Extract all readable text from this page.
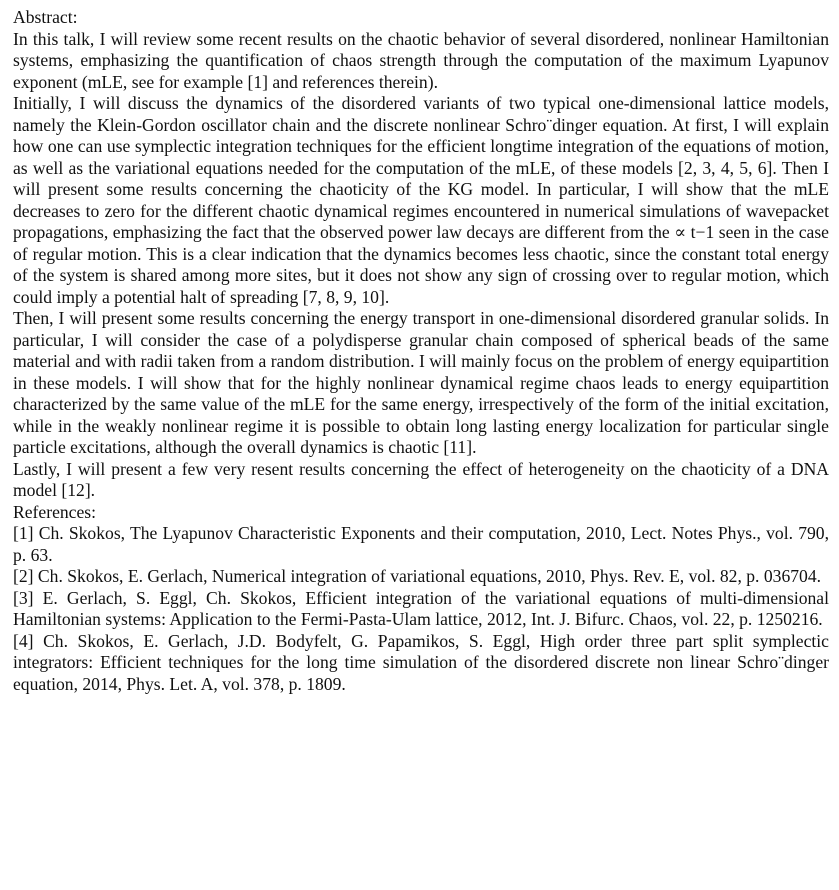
Abstract:
In this talk, I will review some recent results on the chaotic behavior of several disordered, nonlinear Hamiltonian systems, emphasizing the quantification of chaos strength through the computation of the maximum Lyapunov exponent (mLE, see for example [1] and references therein).
Initially, I will discuss the dynamics of the disordered variants of two typical one-dimensional lattice models, namely the Klein-Gordon oscillator chain and the discrete nonlinear Schro¨dinger equation. At first, I will explain how one can use symplectic integration techniques for the efficient longtime integration of the equations of motion, as well as the variational equations needed for the computation of the mLE, of these models [2, 3, 4, 5, 6]. Then I will present some results concerning the chaoticity of the KG model. In particular, I will show that the mLE decreases to zero for the different chaotic dynamical regimes encountered in numerical simulations of wavepacket propagations, emphasizing the fact that the observed power law decays are different from the ∝ t−1 seen in the case of regular motion. This is a clear indication that the dynamics becomes less chaotic, since the constant total energy of the system is shared among more sites, but it does not show any sign of crossing over to regular motion, which could imply a potential halt of spreading [7, 8, 9, 10].
Then, I will present some results concerning the energy transport in one-dimensional disordered granular solids. In particular, I will consider the case of a polydisperse granular chain composed of spherical beads of the same material and with radii taken from a random distribution. I will mainly focus on the problem of energy equipartition in these models. I will show that for the highly nonlinear dynamical regime chaos leads to energy equipartition characterized by the same value of the mLE for the same energy, irrespectively of the form of the initial excitation, while in the weakly nonlinear regime it is possible to obtain long lasting energy localization for particular single particle excitations, although the overall dynamics is chaotic [11].
Lastly, I will present a few very resent results concerning the effect of heterogeneity on the chaoticity of a DNA model [12].
References:
[1] Ch. Skokos, The Lyapunov Characteristic Exponents and their computation, 2010, Lect. Notes Phys., vol. 790, p. 63.
[2] Ch. Skokos, E. Gerlach, Numerical integration of variational equations, 2010, Phys. Rev. E, vol. 82, p. 036704.
[3] E. Gerlach, S. Eggl, Ch. Skokos, Efficient integration of the variational equations of multi-dimensional Hamiltonian systems: Application to the Fermi-Pasta-Ulam lattice, 2012, Int. J. Bifurc. Chaos, vol. 22, p. 1250216.
[4] Ch. Skokos, E. Gerlach, J.D. Bodyfelt, G. Papamikos, S. Eggl, High order three part split symplectic integrators: Efficient techniques for the long time simulation of the disordered discrete non linear Schro¨dinger equation, 2014, Phys. Let. A, vol. 378, p. 1809.
